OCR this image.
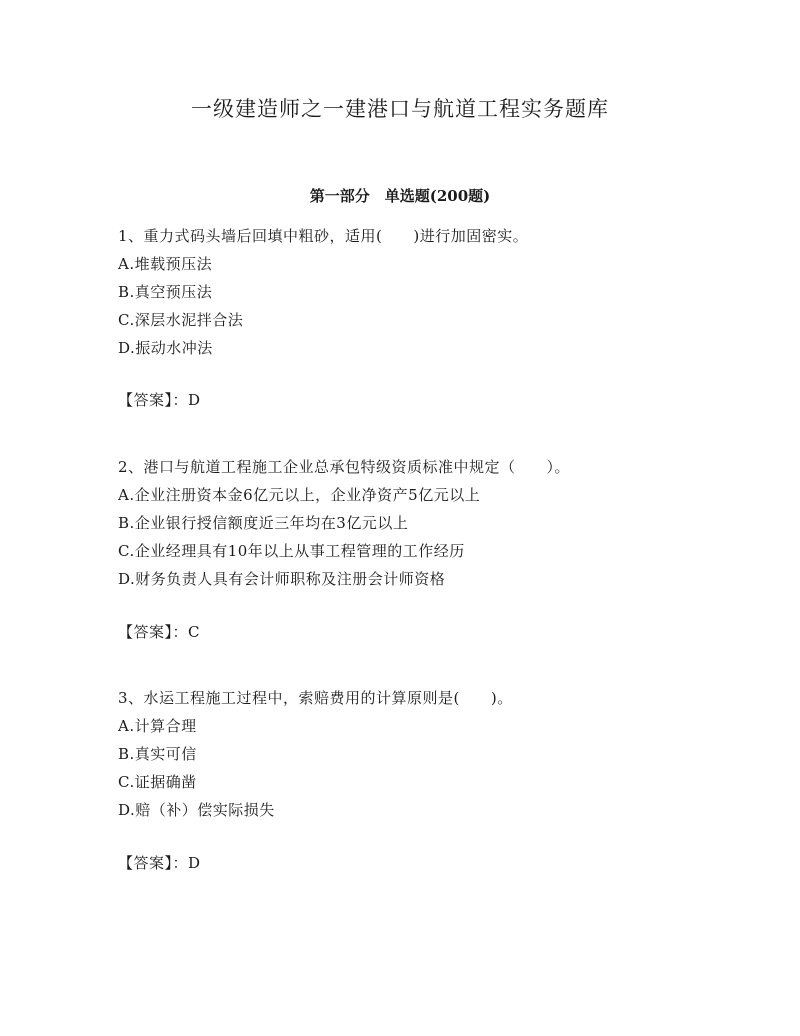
一级建造师之一建港口与航道工程实务题库
第一部分　单选题(200题)

1、重力式码头墙后回填中粗砂，适用(　　)进行加固密实。

A.堆载预压法

B.真空预压法

C.深层水泥拌合法

D.振动水冲法

【答案】：D

2、港口与航道工程施工企业总承包特级资质标准中规定（　　）。

A.企业注册资本金6亿元以上，企业净资产5亿元以上

B.企业银行授信额度近三年均在3亿元以上

C.企业经理具有10年以上从事工程管理的工作经历

D.财务负责人具有会计师职称及注册会计师资格

【答案】：C

3、水运工程施工过程中，索赔费用的计算原则是(　　)。

A.计算合理

B.真实可信

C.证据确凿

D.赔（补）偿实际损失

【答案】：D
